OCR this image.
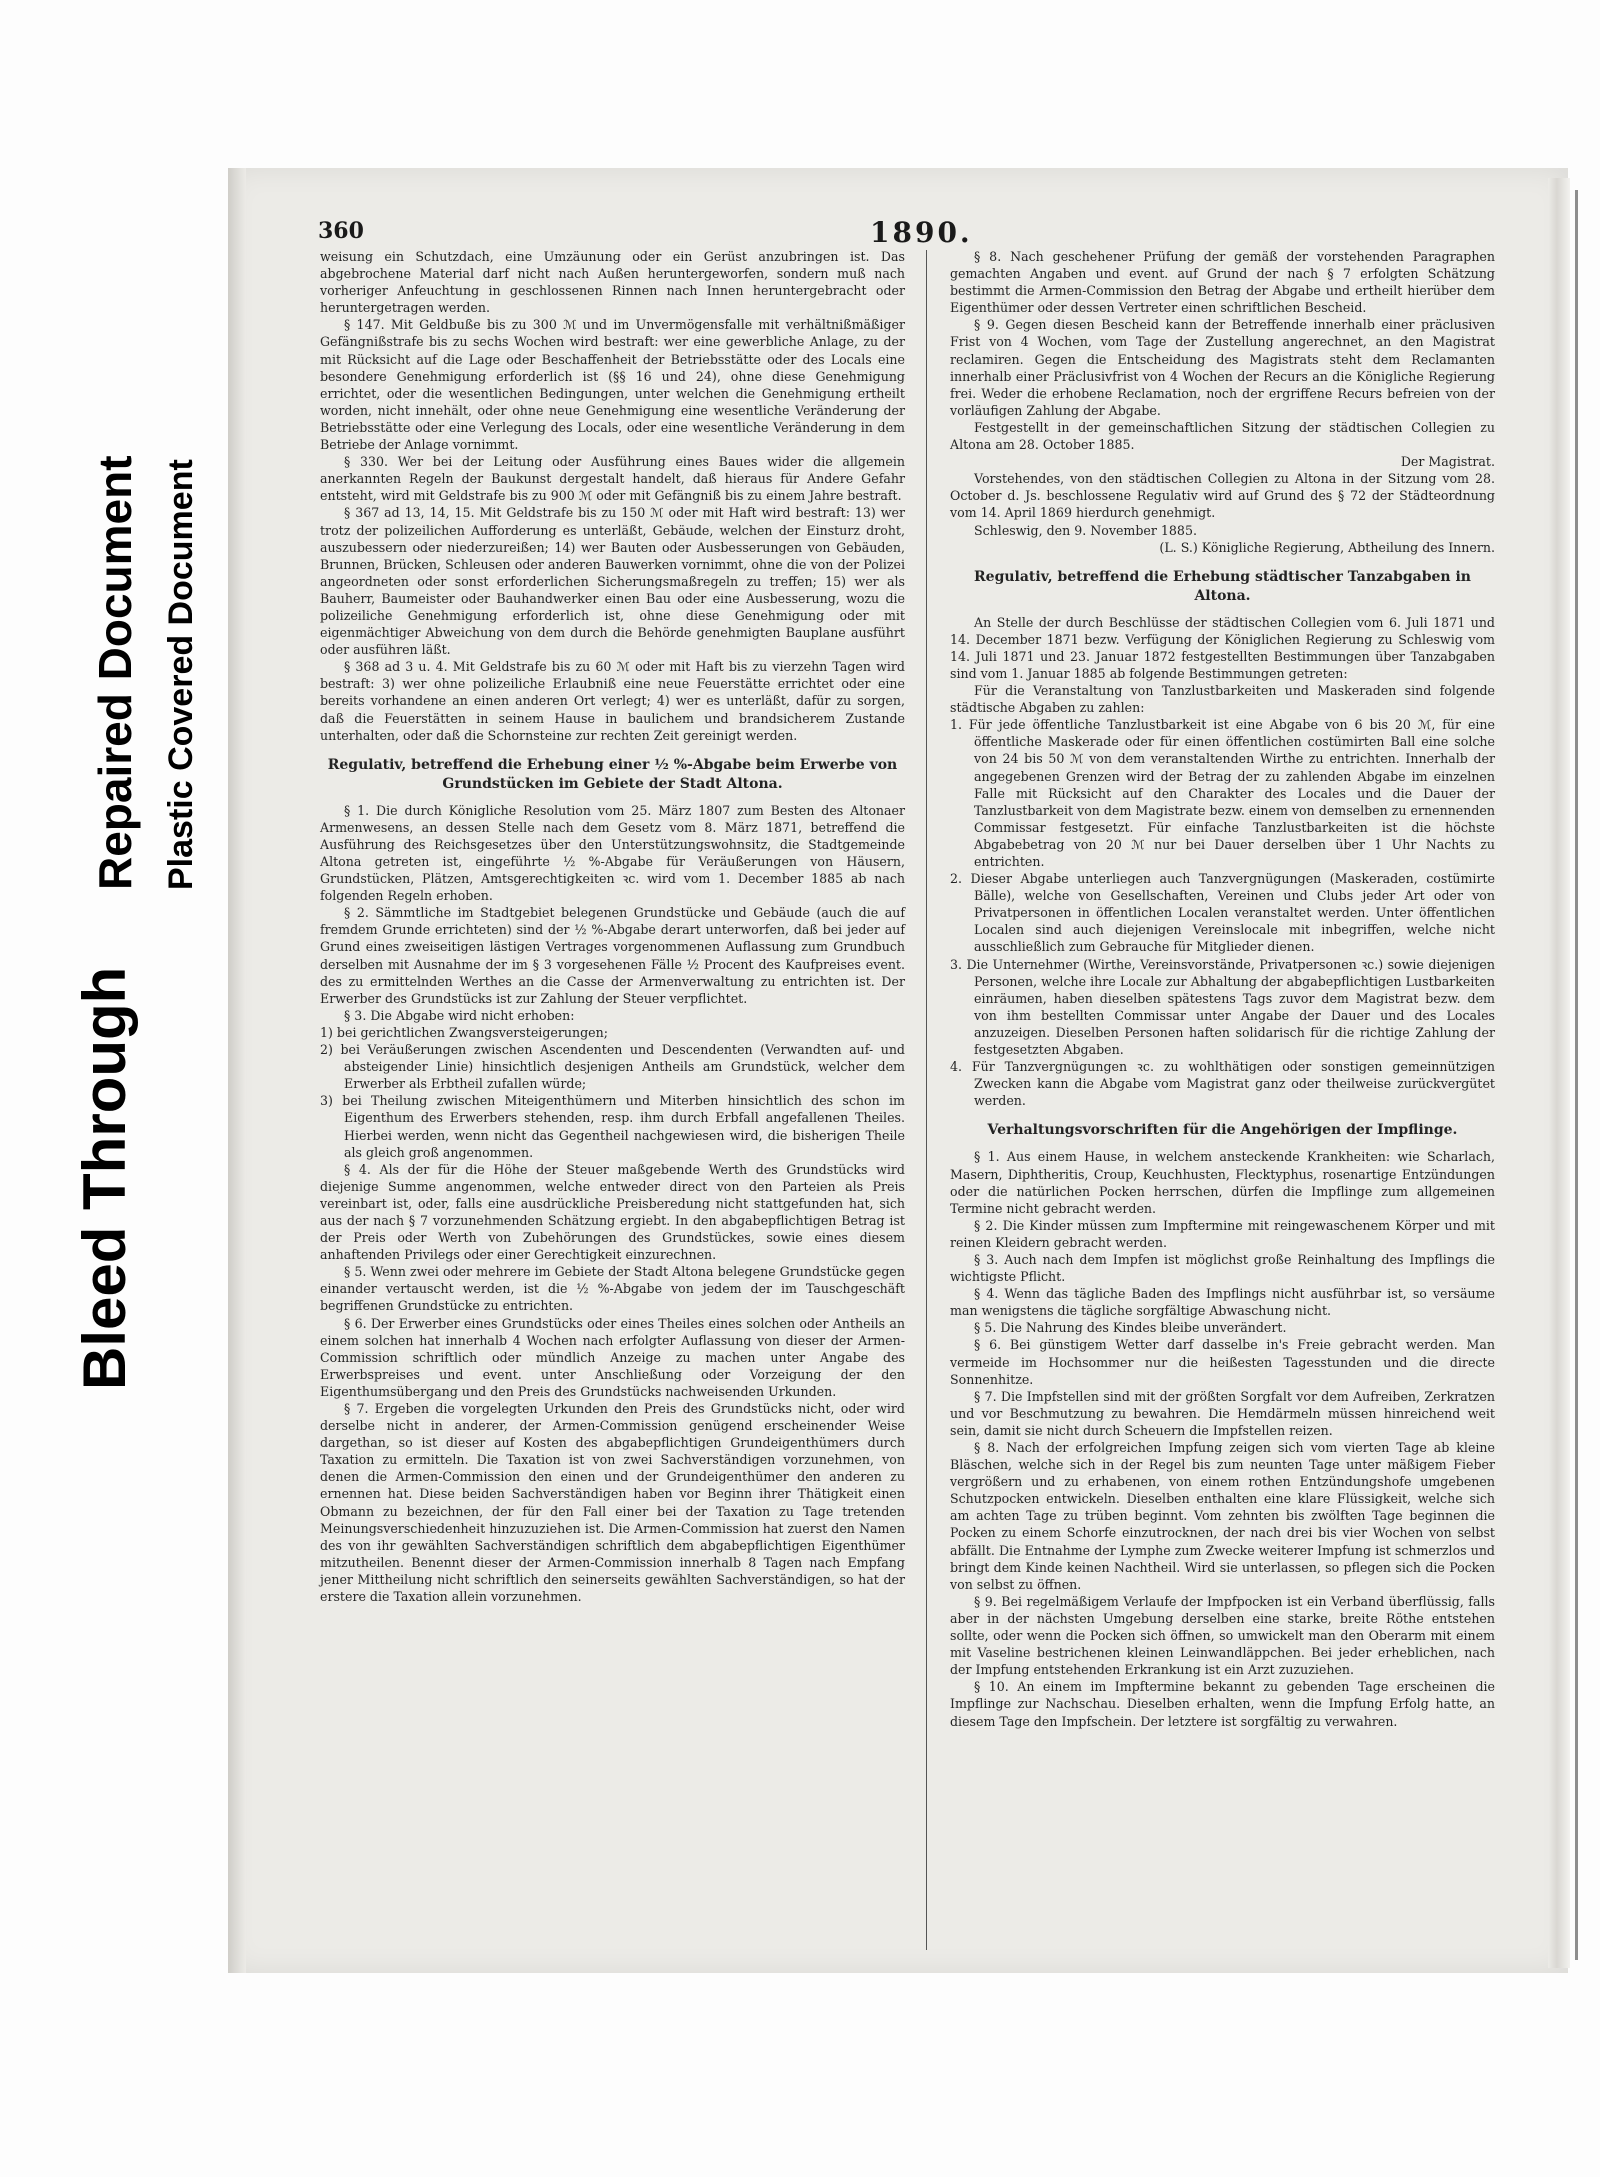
Bleed Through
Repaired Document Plastic Covered Document
360	1890.

weisung ein Schutzdach, eine Umzäunung oder ein Gerüst anzubringen ist. Das abgebrochene Material darf nicht nach Außen heruntergeworfen, sondern muß nach vorheriger Anfeuchtung in geschlossenen Rinnen nach Innen heruntergebracht oder heruntergetragen werden.

§ 147. Mit Geldbuße bis zu 300 ℳ und im Unvermögensfalle mit verhältnißmäßiger Gefängnißstrafe bis zu sechs Wochen wird bestraft: wer eine gewerbliche Anlage, zu der mit Rücksicht auf die Lage oder Beschaffenheit der Betriebsstätte oder des Locals eine besondere Genehmigung erforderlich ist (§§ 16 und 24), ohne diese Genehmigung errichtet, oder die wesentlichen Bedingungen, unter welchen die Genehmigung ertheilt worden, nicht innehält, oder ohne neue Genehmigung eine wesentliche Veränderung der Betriebsstätte oder eine Verlegung des Locals, oder eine wesentliche Veränderung in dem Betriebe der Anlage vornimmt.

§ 330. Wer bei der Leitung oder Ausführung eines Baues wider die allgemein anerkannten Regeln der Baukunst dergestalt handelt, daß hieraus für Andere Gefahr entsteht, wird mit Geldstrafe bis zu 900 ℳ oder mit Gefängniß bis zu einem Jahre bestraft.

§ 367 ad 13, 14, 15. Mit Geldstrafe bis zu 150 ℳ oder mit Haft wird bestraft: 13) wer trotz der polizeilichen Aufforderung es unterläßt, Gebäude, welchen der Einsturz droht, auszubessern oder niederzureißen; 14) wer Bauten oder Ausbesserungen von Gebäuden, Brunnen, Brücken, Schleusen oder anderen Bauwerken vornimmt, ohne die von der Polizei angeordneten oder sonst erforderlichen Sicherungsmaßregeln zu treffen; 15) wer als Bauherr, Baumeister oder Bauhandwerker einen Bau oder eine Ausbesserung, wozu die polizeiliche Genehmigung erforderlich ist, ohne diese Genehmigung oder mit eigenmächtiger Abweichung von dem durch die Behörde genehmigten Bauplane ausführt oder ausführen läßt.

§ 368 ad 3 u. 4. Mit Geldstrafe bis zu 60 ℳ oder mit Haft bis zu vierzehn Tagen wird bestraft: 3) wer ohne polizeiliche Erlaubniß eine neue Feuerstätte errichtet oder eine bereits vorhandene an einen anderen Ort verlegt; 4) wer es unterläßt, dafür zu sorgen, daß die Feuerstätten in seinem Hause in baulichem und brandsicherem Zustande unterhalten, oder daß die Schornsteine zur rechten Zeit gereinigt werden.

Regulativ, betreffend die Erhebung einer ½ %-Abgabe beim Erwerbe von Grundstücken im Gebiete der Stadt Altona.

§ 1. Die durch Königliche Resolution vom 25. März 1807 zum Besten des Altonaer Armenwesens, an dessen Stelle nach dem Gesetz vom 8. März 1871, betreffend die Ausführung des Reichsgesetzes über den Unterstützungswohnsitz, die Stadtgemeinde Altona getreten ist, eingeführte ½ %-Abgabe für Veräußerungen von Häusern, Grundstücken, Plätzen, Amtsgerechtigkeiten ꝛc. wird vom 1. December 1885 ab nach folgenden Regeln erhoben.

§ 2. Sämmtliche im Stadtgebiet belegenen Grundstücke und Gebäude (auch die auf fremdem Grunde errichteten) sind der ½ %-Abgabe derart unterworfen, daß bei jeder auf Grund eines zweiseitigen lästigen Vertrages vorgenommenen Auflassung zum Grundbuch derselben mit Ausnahme der im § 3 vorgesehenen Fälle ½ Procent des Kaufpreises event. des zu ermittelnden Werthes an die Casse der Armenverwaltung zu entrichten ist. Der Erwerber des Grundstücks ist zur Zahlung der Steuer verpflichtet.

§ 3. Die Abgabe wird nicht erhoben:

1) bei gerichtlichen Zwangsversteigerungen;

2) bei Veräußerungen zwischen Ascendenten und Descendenten (Verwandten auf- und absteigender Linie) hinsichtlich desjenigen Antheils am Grundstück, welcher dem Erwerber als Erbtheil zufallen würde;

3) bei Theilung zwischen Miteigenthümern und Miterben hinsichtlich des schon im Eigenthum des Erwerbers stehenden, resp. ihm durch Erbfall angefallenen Theiles. Hierbei werden, wenn nicht das Gegentheil nachgewiesen wird, die bisherigen Theile als gleich groß angenommen.

§ 4. Als der für die Höhe der Steuer maßgebende Werth des Grundstücks wird diejenige Summe angenommen, welche entweder direct von den Parteien als Preis vereinbart ist, oder, falls eine ausdrückliche Preisberedung nicht stattgefunden hat, sich aus der nach § 7 vorzunehmenden Schätzung ergiebt. In den abgabepflichtigen Betrag ist der Preis oder Werth von Zubehörungen des Grundstückes, sowie eines diesem anhaftenden Privilegs oder einer Gerechtigkeit einzurechnen.

§ 5. Wenn zwei oder mehrere im Gebiete der Stadt Altona belegene Grundstücke gegen einander vertauscht werden, ist die ½ %-Abgabe von jedem der im Tauschgeschäft begriffenen Grundstücke zu entrichten.

§ 6. Der Erwerber eines Grundstücks oder eines Theiles eines solchen oder Antheils an einem solchen hat innerhalb 4 Wochen nach erfolgter Auflassung von dieser der Armen-Commission schriftlich oder mündlich Anzeige zu machen unter Angabe des Erwerbspreises und event. unter Anschließung oder Vorzeigung der den Eigenthumsübergang und den Preis des Grundstücks nachweisenden Urkunden.

§ 7. Ergeben die vorgelegten Urkunden den Preis des Grundstücks nicht, oder wird derselbe nicht in anderer, der Armen-Commission genügend erscheinender Weise dargethan, so ist dieser auf Kosten des abgabepflichtigen Grundeigenthümers durch Taxation zu ermitteln. Die Taxation ist von zwei Sachverständigen vorzunehmen, von denen die Armen-Commission den einen und der Grundeigenthümer den anderen zu ernennen hat. Diese beiden Sachverständigen haben vor Beginn ihrer Thätigkeit einen Obmann zu bezeichnen, der für den Fall einer bei der Taxation zu Tage tretenden Meinungsverschiedenheit hinzuzuziehen ist. Die Armen-Commission hat zuerst den Namen des von ihr gewählten Sachverständigen schriftlich dem abgabepflichtigen Eigenthümer mitzutheilen. Benennt dieser der Armen-Commission innerhalb 8 Tagen nach Empfang jener Mittheilung nicht schriftlich den seinerseits gewählten Sachverständigen, so hat der erstere die Taxation allein vorzunehmen.

§ 8. Nach geschehener Prüfung der gemäß der vorstehenden Paragraphen gemachten Angaben und event. auf Grund der nach § 7 erfolgten Schätzung bestimmt die Armen-Commission den Betrag der Abgabe und ertheilt hierüber dem Eigenthümer oder dessen Vertreter einen schriftlichen Bescheid.

§ 9. Gegen diesen Bescheid kann der Betreffende innerhalb einer präclusiven Frist von 4 Wochen, vom Tage der Zustellung angerechnet, an den Magistrat reclamiren. Gegen die Entscheidung des Magistrats steht dem Reclamanten innerhalb einer Präclusivfrist von 4 Wochen der Recurs an die Königliche Regierung frei. Weder die erhobene Reclamation, noch der ergriffene Recurs befreien von der vorläufigen Zahlung der Abgabe.

Festgestellt in der gemeinschaftlichen Sitzung der städtischen Collegien zu Altona am 28. October 1885.

Der Magistrat.

Vorstehendes, von den städtischen Collegien zu Altona in der Sitzung vom 28. October d. Js. beschlossene Regulativ wird auf Grund des § 72 der Städteordnung vom 14. April 1869 hierdurch genehmigt.

Schleswig, den 9. November 1885.

(L. S.) Königliche Regierung, Abtheilung des Innern.

Regulativ, betreffend die Erhebung städtischer Tanzabgaben in Altona.

An Stelle der durch Beschlüsse der städtischen Collegien vom 6. Juli 1871 und 14. December 1871 bezw. Verfügung der Königlichen Regierung zu Schleswig vom 14. Juli 1871 und 23. Januar 1872 festgestellten Bestimmungen über Tanzabgaben sind vom 1. Januar 1885 ab folgende Bestimmungen getreten:

Für die Veranstaltung von Tanzlustbarkeiten und Maskeraden sind folgende städtische Abgaben zu zahlen:

1. Für jede öffentliche Tanzlustbarkeit ist eine Abgabe von 6 bis 20 ℳ, für eine öffentliche Maskerade oder für einen öffentlichen costümirten Ball eine solche von 24 bis 50 ℳ von dem veranstaltenden Wirthe zu entrichten. Innerhalb der angegebenen Grenzen wird der Betrag der zu zahlenden Abgabe im einzelnen Falle mit Rücksicht auf den Charakter des Locales und die Dauer der Tanzlustbarkeit von dem Magistrate bezw. einem von demselben zu ernennenden Commissar festgesetzt. Für einfache Tanzlustbarkeiten ist die höchste Abgabebetrag von 20 ℳ nur bei Dauer derselben über 1 Uhr Nachts zu entrichten.

2. Dieser Abgabe unterliegen auch Tanzvergnügungen (Maskeraden, costümirte Bälle), welche von Gesellschaften, Vereinen und Clubs jeder Art oder von Privatpersonen in öffentlichen Localen veranstaltet werden. Unter öffentlichen Localen sind auch diejenigen Vereinslocale mit inbegriffen, welche nicht ausschließlich zum Gebrauche für Mitglieder dienen.

3. Die Unternehmer (Wirthe, Vereinsvorstände, Privatpersonen ꝛc.) sowie diejenigen Personen, welche ihre Locale zur Abhaltung der abgabepflichtigen Lustbarkeiten einräumen, haben dieselben spätestens Tags zuvor dem Magistrat bezw. dem von ihm bestellten Commissar unter Angabe der Dauer und des Locales anzuzeigen. Dieselben Personen haften solidarisch für die richtige Zahlung der festgesetzten Abgaben.

4. Für Tanzvergnügungen ꝛc. zu wohlthätigen oder sonstigen gemeinnützigen Zwecken kann die Abgabe vom Magistrat ganz oder theilweise zurückvergütet werden.

Verhaltungsvorschriften für die Angehörigen der Impflinge.

§ 1. Aus einem Hause, in welchem ansteckende Krankheiten: wie Scharlach, Masern, Diphtheritis, Croup, Keuchhusten, Flecktyphus, rosenartige Entzündungen oder die natürlichen Pocken herrschen, dürfen die Impflinge zum allgemeinen Termine nicht gebracht werden.

§ 2. Die Kinder müssen zum Impftermine mit reingewaschenem Körper und mit reinen Kleidern gebracht werden.

§ 3. Auch nach dem Impfen ist möglichst große Reinhaltung des Impflings die wichtigste Pflicht.

§ 4. Wenn das tägliche Baden des Impflings nicht ausführbar ist, so versäume man wenigstens die tägliche sorgfältige Abwaschung nicht.

§ 5. Die Nahrung des Kindes bleibe unverändert.

§ 6. Bei günstigem Wetter darf dasselbe in's Freie gebracht werden. Man vermeide im Hochsommer nur die heißesten Tagesstunden und die directe Sonnenhitze.

§ 7. Die Impfstellen sind mit der größten Sorgfalt vor dem Aufreiben, Zerkratzen und vor Beschmutzung zu bewahren. Die Hemdärmeln müssen hinreichend weit sein, damit sie nicht durch Scheuern die Impfstellen reizen.

§ 8. Nach der erfolgreichen Impfung zeigen sich vom vierten Tage ab kleine Bläschen, welche sich in der Regel bis zum neunten Tage unter mäßigem Fieber vergrößern und zu erhabenen, von einem rothen Entzündungshofe umgebenen Schutzpocken entwickeln. Dieselben enthalten eine klare Flüssigkeit, welche sich am achten Tage zu trüben beginnt. Vom zehnten bis zwölften Tage beginnen die Pocken zu einem Schorfe einzutrocknen, der nach drei bis vier Wochen von selbst abfällt. Die Entnahme der Lymphe zum Zwecke weiterer Impfung ist schmerzlos und bringt dem Kinde keinen Nachtheil. Wird sie unterlassen, so pflegen sich die Pocken von selbst zu öffnen.

§ 9. Bei regelmäßigem Verlaufe der Impfpocken ist ein Verband überflüssig, falls aber in der nächsten Umgebung derselben eine starke, breite Röthe entstehen sollte, oder wenn die Pocken sich öffnen, so umwickelt man den Oberarm mit einem mit Vaseline bestrichenen kleinen Leinwandläppchen. Bei jeder erheblichen, nach der Impfung entstehenden Erkrankung ist ein Arzt zuzuziehen.

§ 10. An einem im Impftermine bekannt zu gebenden Tage erscheinen die Impflinge zur Nachschau. Dieselben erhalten, wenn die Impfung Erfolg hatte, an diesem Tage den Impfschein. Der letztere ist sorgfältig zu verwahren.
